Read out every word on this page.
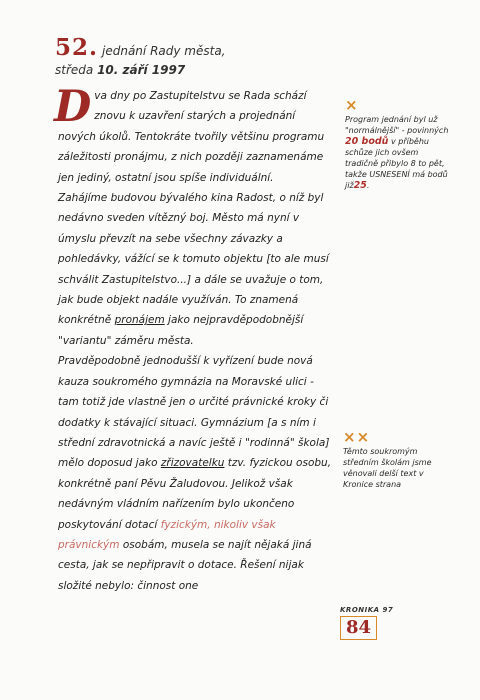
52. jednání Rady města,
středa 10. září 1997

Dva dny po Zastupitelstvu se Rada schází znovu k uzavření starých a projednání nových úkolů. Tentokráte tvořily většinu programu záležitosti pronájmu, z nich později zaznamenáme jen jediný, ostatní jsou spíše individuální.

Zahájíme budovou bývalého kina Radost, o níž byl nedávno sveden vítězný boj. Město má nyní v úmyslu převzít na sebe všechny závazky a pohledávky, vážící se k tomuto objektu [to ale musí schválit Zastupitelstvo...] a dále se uvažuje o tom, jak bude objekt nadále využíván. To znamená konkrétně pronájem jako nejpravděpodobnější "variantu" záměru města.

Pravděpodobně jednodušší k vyřízení bude nová kauza soukromého gymnázia na Moravské ulici - tam totiž jde vlastně jen o určité právnické kroky či dodatky k stávající situaci. Gymnázium [a s ním i střední zdravotnická a navíc ještě i "rodinná" škola] mělo doposud jako zřizovatelku tzv. fyzickou osobu, konkrétně paní Pěvu Žaludovou. Jelikož však nedávným vládním nařízením bylo ukončeno poskytování dotací fyzickým, nikoliv však právnickým osobám, musela se najít nějaká jiná cesta, jak se nepřipravit o dotace. Řešení nijak složité nebylo: činnost one

×
Program jednání byl už "normálnější" - povinných 20 bodů v příběhu schůze jich ovšem tradičně přibylo 8 to pět, takže USNESENÍ má bodů již25.
××
Těmto soukromým středním školám jsme věnovali delší text v Kronice strana
KRONIKA 97
84
